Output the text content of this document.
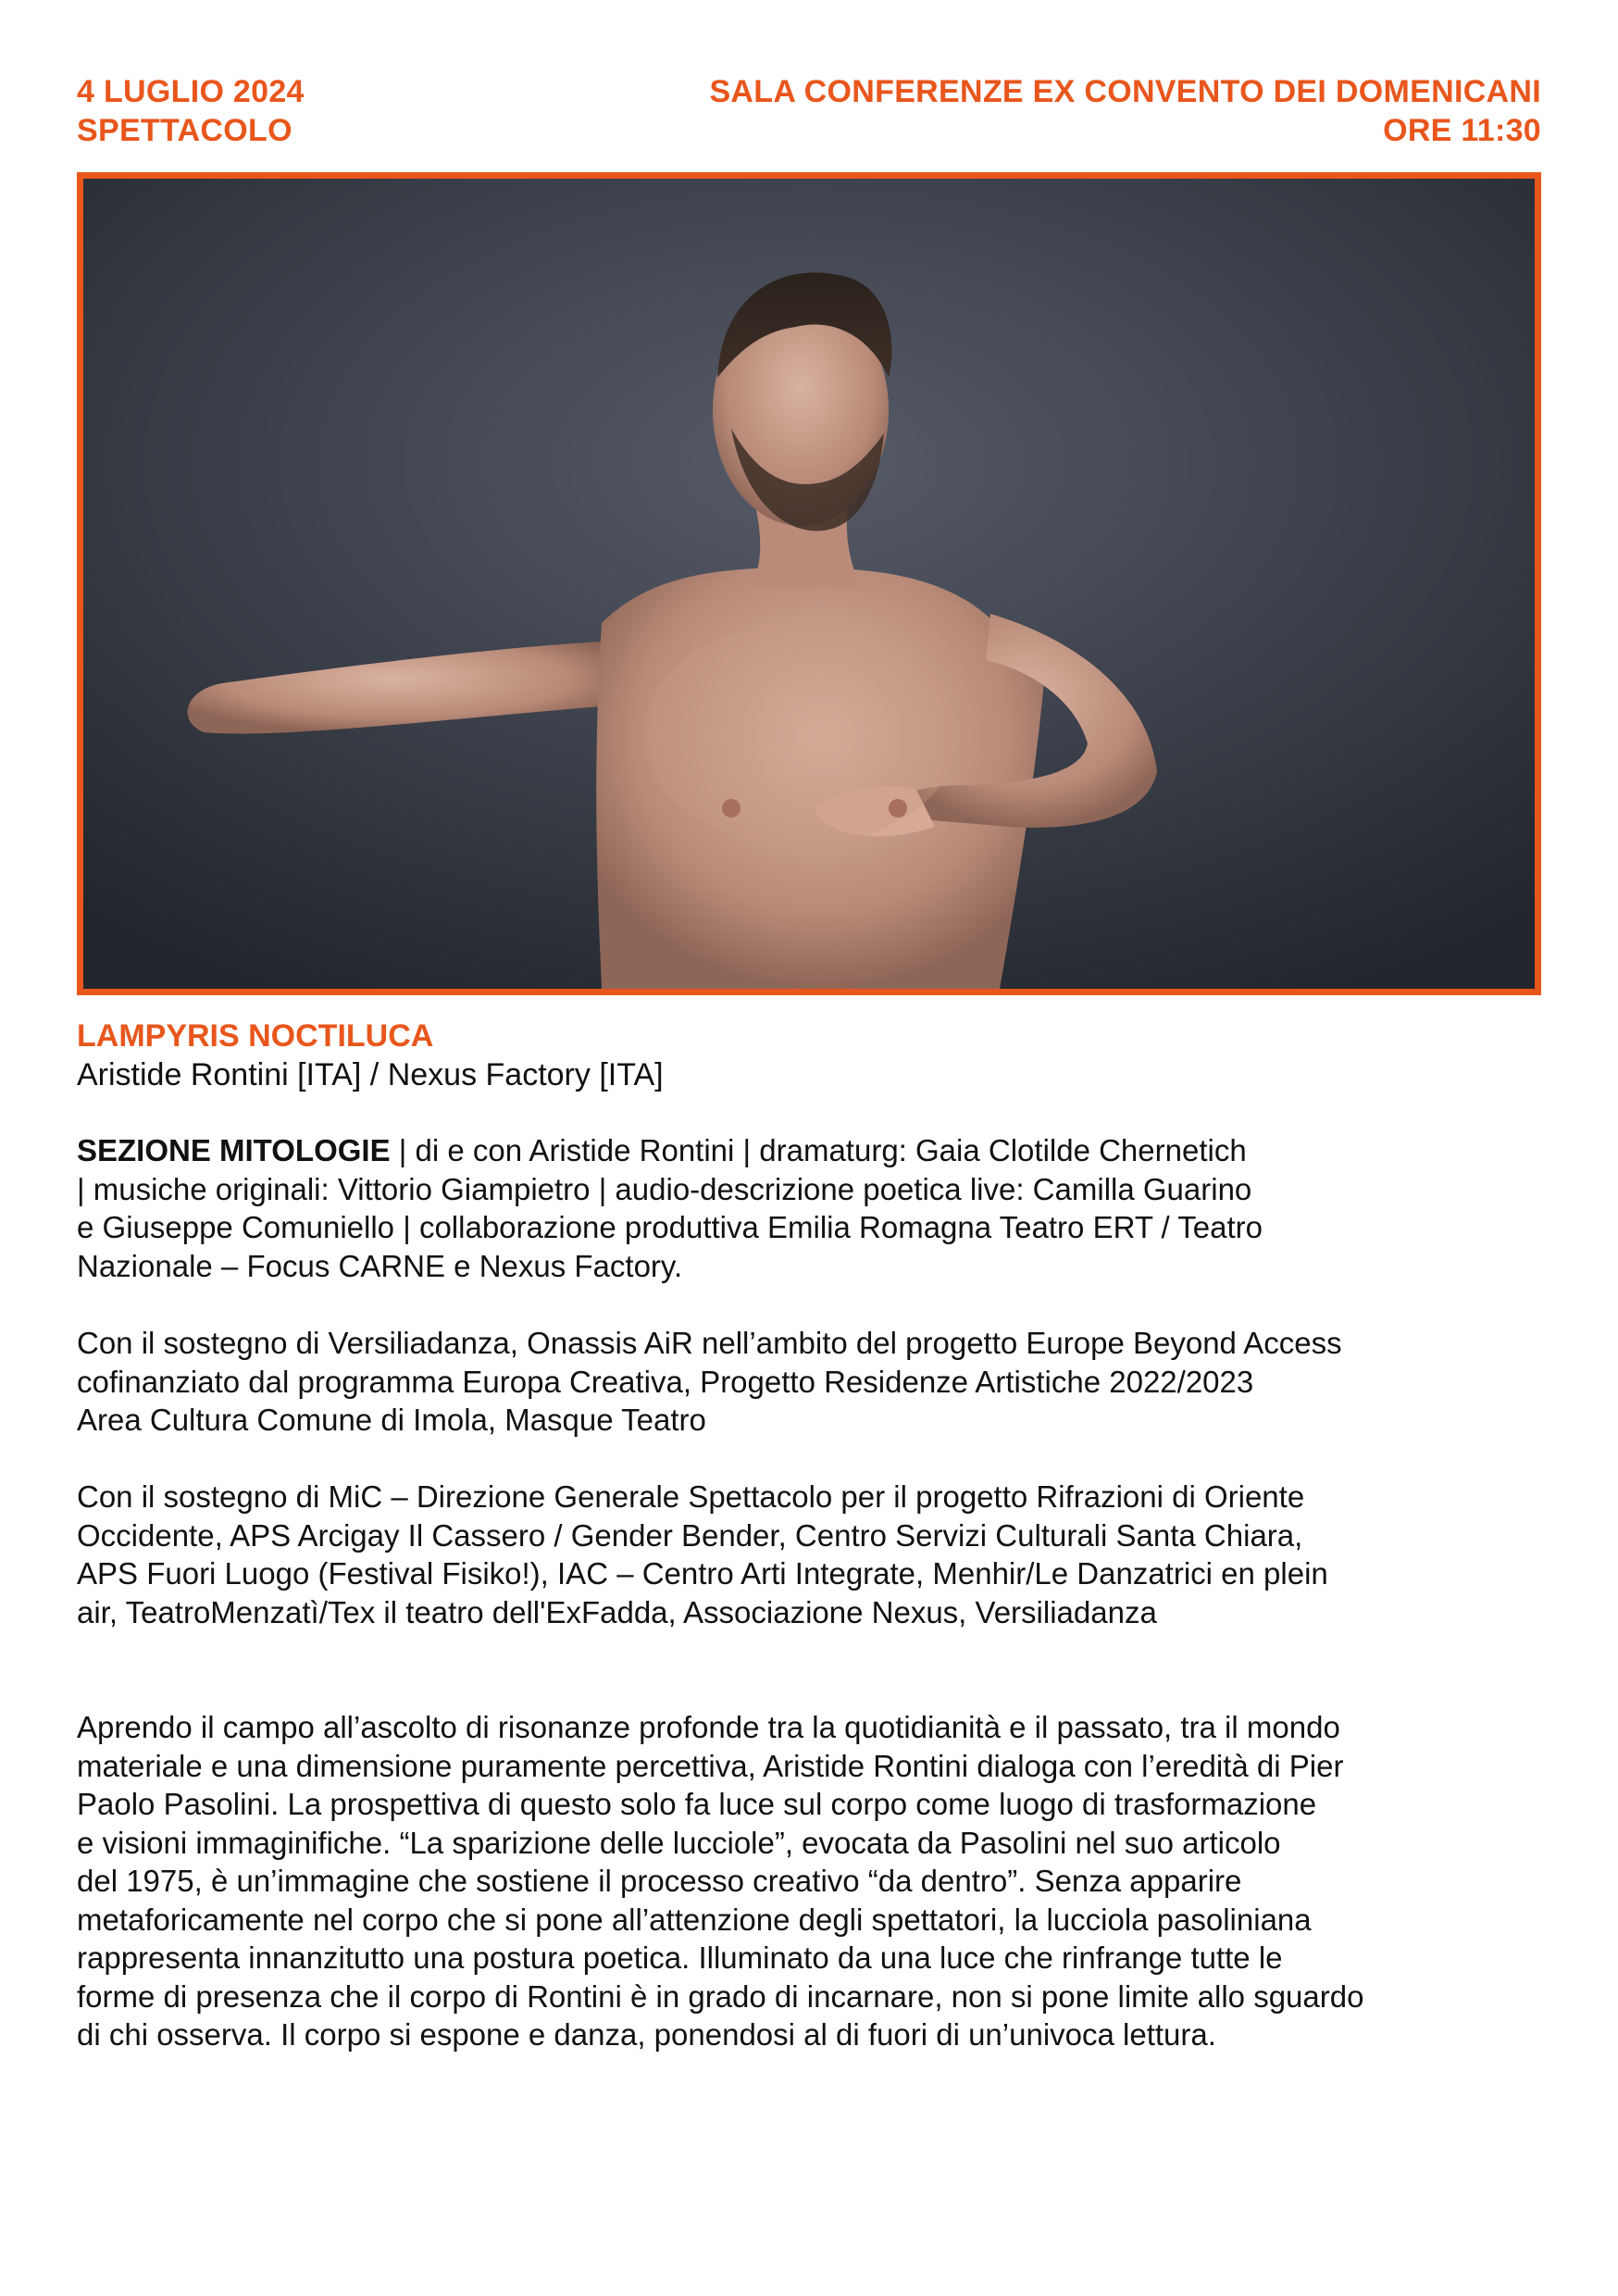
4 LUGLIO 2024
SPETTACOLO
SALA CONFERENZE EX CONVENTO DEI DOMENICANI
ORE 11:30
LAMPYRIS NOCTILUCA
Aristide Rontini [ITA] / Nexus Factory [ITA]
SEZIONE MITOLOGIE | di e con Aristide Rontini | dramaturg: Gaia Clotilde Chernetich
| musiche originali: Vittorio Giampietro | audio-descrizione poetica live: Camilla Guarino
e Giuseppe Comuniello | collaborazione produttiva Emilia Romagna Teatro ERT / Teatro
Nazionale – Focus CARNE e Nexus Factory.
Con il sostegno di Versiliadanza, Onassis AiR nell’ambito del progetto Europe Beyond Access
cofinanziato dal programma Europa Creativa, Progetto Residenze Artistiche 2022/2023
Area Cultura Comune di Imola, Masque Teatro
Con il sostegno di MiC – Direzione Generale Spettacolo per il progetto Rifrazioni di Oriente
Occidente, APS Arcigay Il Cassero / Gender Bender, Centro Servizi Culturali Santa Chiara,
APS Fuori Luogo (Festival Fisiko!), IAC – Centro Arti Integrate, Menhir/Le Danzatrici en plein
air, TeatroMenzatì/Tex il teatro dell'ExFadda, Associazione Nexus, Versiliadanza
Aprendo il campo all’ascolto di risonanze profonde tra la quotidianità e il passato, tra il mondo
materiale e una dimensione puramente percettiva, Aristide Rontini dialoga con l’eredità di Pier
Paolo Pasolini. La prospettiva di questo solo fa luce sul corpo come luogo di trasformazione
e visioni immaginifiche. “La sparizione delle lucciole”, evocata da Pasolini nel suo articolo
del 1975, è un’immagine che sostiene il processo creativo “da dentro”. Senza apparire
metaforicamente nel corpo che si pone all’attenzione degli spettatori, la lucciola pasoliniana
rappresenta innanzitutto una postura poetica. Illuminato da una luce che rinfrange tutte le
forme di presenza che il corpo di Rontini è in grado di incarnare, non si pone limite allo sguardo
di chi osserva. Il corpo si espone e danza, ponendosi al di fuori di un’univoca lettura.
